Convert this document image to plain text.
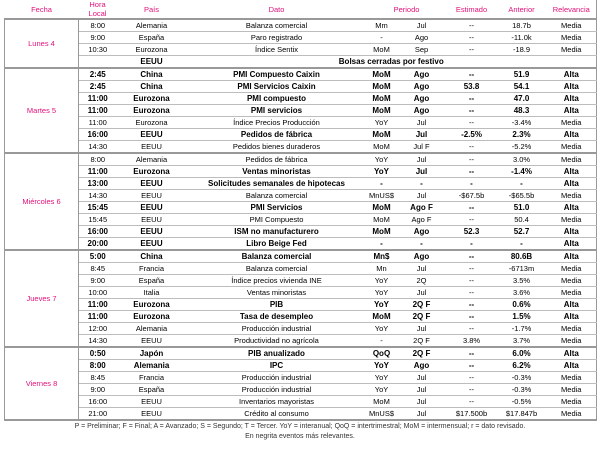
Fecha	Hora
Local	País	Dato	Periodo		Estimado	Anterior	Relevancia
Lunes 4	8:00	Alemania	Balanza comercial	Mm	Jul	--	18.7b	Media
	9:00	España	Paro registrado	-	Ago	--	-11.0k	Media
	10:30	Eurozona	Índice Sentix	MoM	Sep	--	-18.9	Media
		EEUU	Bolsas cerradas por festivo					
Martes 5	2:45	China	PMI Compuesto Caixin	MoM	Ago	--	51.9	Alta
	2:45	China	PMI Servicios Caixin	MoM	Ago	53.8	54.1	Alta
	11:00	Eurozona	PMI compuesto	MoM	Ago	--	47.0	Alta
	11:00	Eurozona	PMI servicios	MoM	Ago	--	48.3	Alta
	11:00	Eurozona	Índice Precios Producción	YoY	Jul	--	-3.4%	Media
	16:00	EEUU	Pedidos de fábrica	MoM	Jul	-2.5%	2.3%	Alta
	14:30	EEUU	Pedidos bienes duraderos	MoM	Jul F	--	-5.2%	Media
Miércoles 6	8:00	Alemania	Pedidos de fábrica	YoY	Jul	--	3.0%	Media
	11:00	Eurozona	Ventas minoristas	YoY	Jul	--	-1.4%	Alta
	13:00	EEUU	Solicitudes semanales de hipotecas	-	-	-	-	Alta
	14:30	EEUU	Balanza comercial	MnUS$	Jul	-$67.5b	-$65.5b	Media
	15:45	EEUU	PMI Servicios	MoM	Ago F	--	51.0	Alta
	15:45	EEUU	PMI Compuesto	MoM	Ago F	--	50.4	Media
	16:00	EEUU	ISM no manufacturero	MoM	Ago	52.3	52.7	Alta
	20:00	EEUU	Libro Beige Fed	-	-	-	-	Alta
Jueves 7	5:00	China	Balanza comercial	Mn$	Ago	--	80.6B	Alta
	8:45	Francia	Balanza comercial	Mn	Jul	--	-6713m	Media
	9:00	España	Índice precios vivienda INE	YoY	2Q	--	3.5%	Media
	10:00	Italia	Ventas minoristas	YoY	Jul	--	3.6%	Media
	11:00	Eurozona	PIB	YoY	2Q F	--	0.6%	Alta
	11:00	Eurozona	Tasa de desempleo	MoM	2Q F	--	1.5%	Alta
	12:00	Alemania	Producción industrial	YoY	Jul	--	-1.7%	Media
	14:30	EEUU	Productividad no agrícola	-	2Q F	3.8%	3.7%	Media
Viernes 8	0:50	Japón	PIB anualizado	QoQ	2Q F	--	6.0%	Alta
	8:00	Alemania	IPC	YoY	Ago	--	6.2%	Alta
	8:45	Francia	Producción industrial	YoY	Jul	--	-0.3%	Media
	9:00	España	Producción industrial	YoY	Jul	--	-0.3%	Media
	16:00	EEUU	Inventarios mayoristas	MoM	Jul	--	-0.5%	Media
	21:00	EEUU	Crédito al consumo	MnUS$	Jul	$17.500b	$17.847b	Media
P = Preliminar; F = Final; A = Avanzado; S = Segundo; T = Tercer. YoY = interanual; QoQ = intertrimestral; MoM = intermensual; r = dato revisado.
En negrita eventos más relevantes.
